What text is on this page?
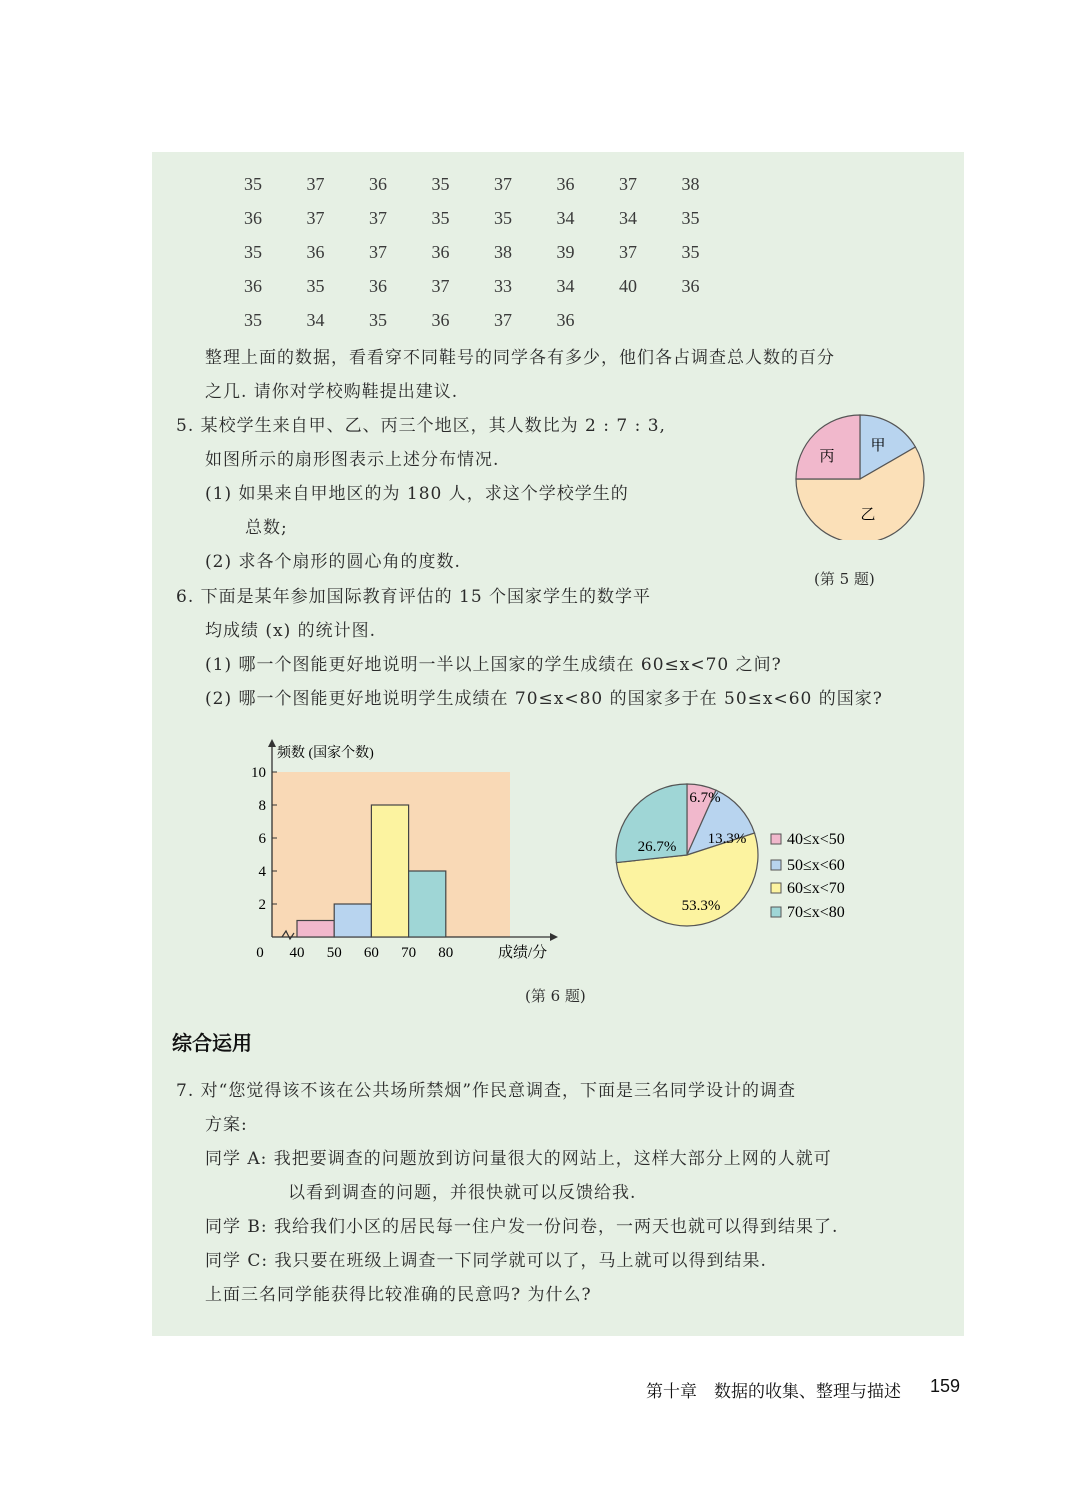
35 37 36 35 37 36 37 38
36 37 37 35 35 34 34 35
35 36 37 36 38 39 37 35
36 35 36 37 33 34 40 36
35 34 35 36 37 36
整理上面的数据，看看穿不同鞋号的同学各有多少，他们各占调查总人数的百分
之几. 请你对学校购鞋提出建议.
5. 某校学生来自甲、乙、丙三个地区，其人数比为 2 : 7 : 3,
如图所示的扇形图表示上述分布情况.
(1) 如果来自甲地区的为 180 人，求这个学校学生的
总数;
(2) 求各个扇形的圆心角的度数.
甲
乙
丙
(第 5 题)
6. 下面是某年参加国际教育评估的 15 个国家学生的数学平
均成绩 (x) 的统计图.
(1) 哪一个图能更好地说明一半以上国家的学生成绩在 60≤x<70 之间?
(2) 哪一个图能更好地说明学生成绩在 70≤x<80 的国家多于在 50≤x<60 的国家?
2
4
6
8
10
40 50 60 70 80
频数 (国家个数)
成绩/分
0
6.7%
13.3%
53.3%
26.7%	40≤x<50
50≤x<60
60≤x<70
70≤x<80
(第 6 题)
综合运用
7. 对“您觉得该不该在公共场所禁烟”作民意调查，下面是三名同学设计的调查
方案:
同学 A: 我把要调查的问题放到访问量很大的网站上，这样大部分上网的人就可
以看到调查的问题，并很快就可以反馈给我.
同学 B: 我给我们小区的居民每一住户发一份问卷，一两天也就可以得到结果了.
同学 C: 我只要在班级上调查一下同学就可以了，马上就可以得到结果.
上面三名同学能获得比较准确的民意吗? 为什么?
第十章　数据的收集、整理与描述 159
